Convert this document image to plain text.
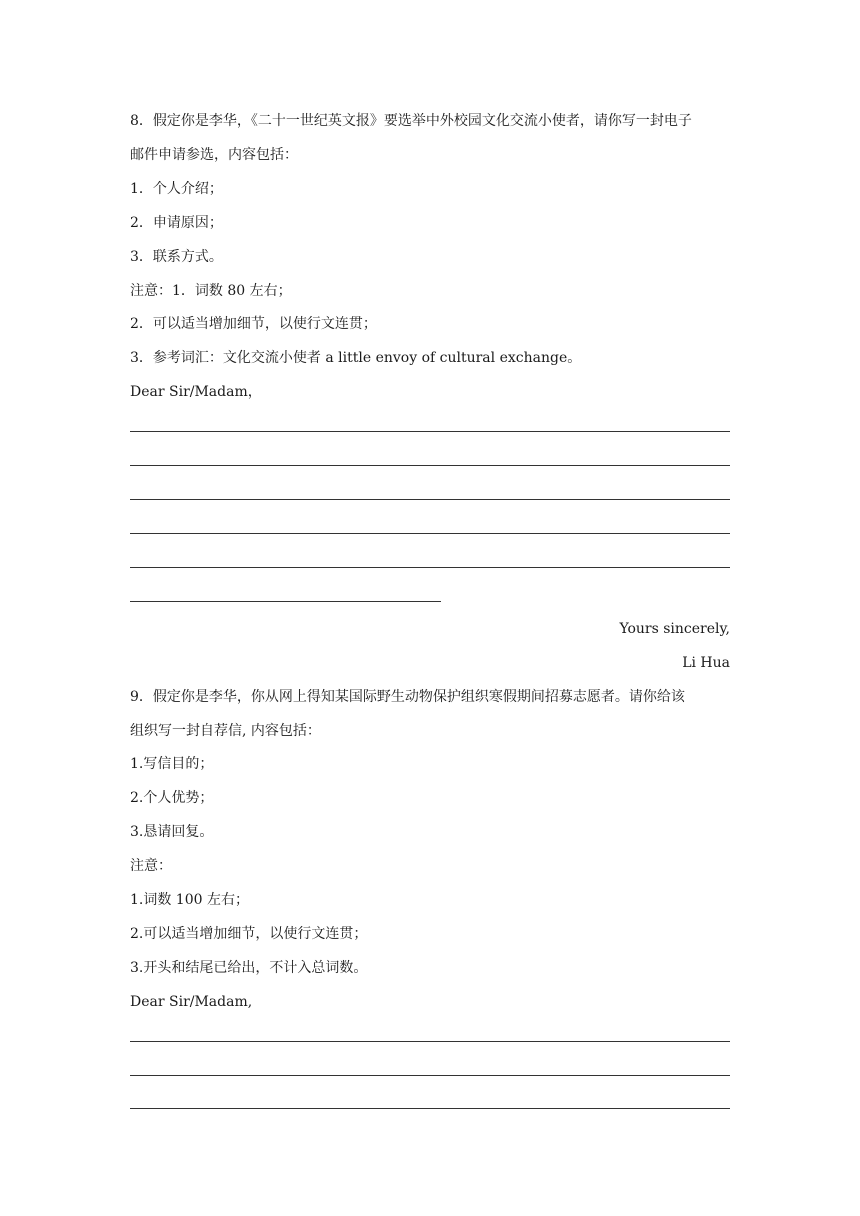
8．假定你是李华，《二十一世纪英文报》要选举中外校园文化交流小使者，请你写一封电子
邮件申请参选，内容包括：
1．个人介绍；
2．申请原因；
3．联系方式。
注意：1．词数 80 左右；
2．可以适当增加细节，以使行文连贯；
3．参考词汇：文化交流小使者 a little envoy of cultural exchange。
Dear Sir/Madam，
Yours sincerely,
Li Hua
9．假定你是李华，你从网上得知某国际野生动物保护组织寒假期间招募志愿者。请你给该
组织写一封自荐信, 内容包括：
1.写信目的；
2.个人优势；
3.恳请回复。
注意：
1.词数 100 左右；
2.可以适当增加细节，以使行文连贯；
3.开头和结尾已给出，不计入总词数。
Dear Sir/Madam,
